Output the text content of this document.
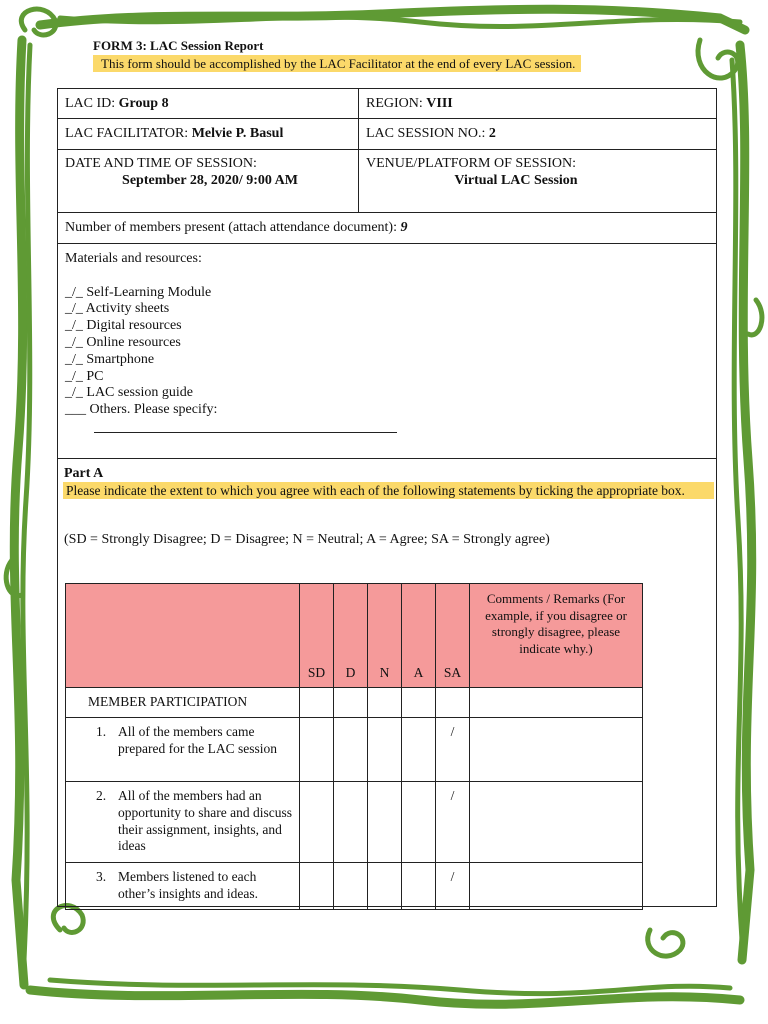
FORM 3: LAC Session Report
This form should be accomplished by the LAC Facilitator at the end of every LAC session.
LAC ID: Group 8	REGION: VIII
LAC FACILITATOR: Melvie P. Basul	LAC SESSION NO.: 2
DATE AND TIME OF SESSION:
September 28, 2020/ 9:00 AM
VENUE/PLATFORM OF SESSION:
Virtual LAC Session
Number of members present (attach attendance document): 9
Materials and resources:
_/_ Self-Learning Module
_/_ Activity sheets
_/_ Digital resources
_/_ Online resources
_/_ Smartphone
_/_ PC
_/_ LAC session guide
___ Others. Please specify:
Part A
Please indicate the extent to which you agree with each of the following statements by ticking the appropriate box.
(SD = Strongly Disagree; D = Disagree; N = Neutral; A = Agree; SA = Strongly agree)
	SD	D	N	A	SA	Comments / Remarks (For example, if you disagree or strongly disagree, please indicate why.)
MEMBER PARTICIPATION						

1. All of the members came prepared for the LAC session					/	

2. All of the members had an opportunity to share and discuss their assignment, insights, and ideas					/	

3. Members listened to each other’s insights and ideas.					/	
